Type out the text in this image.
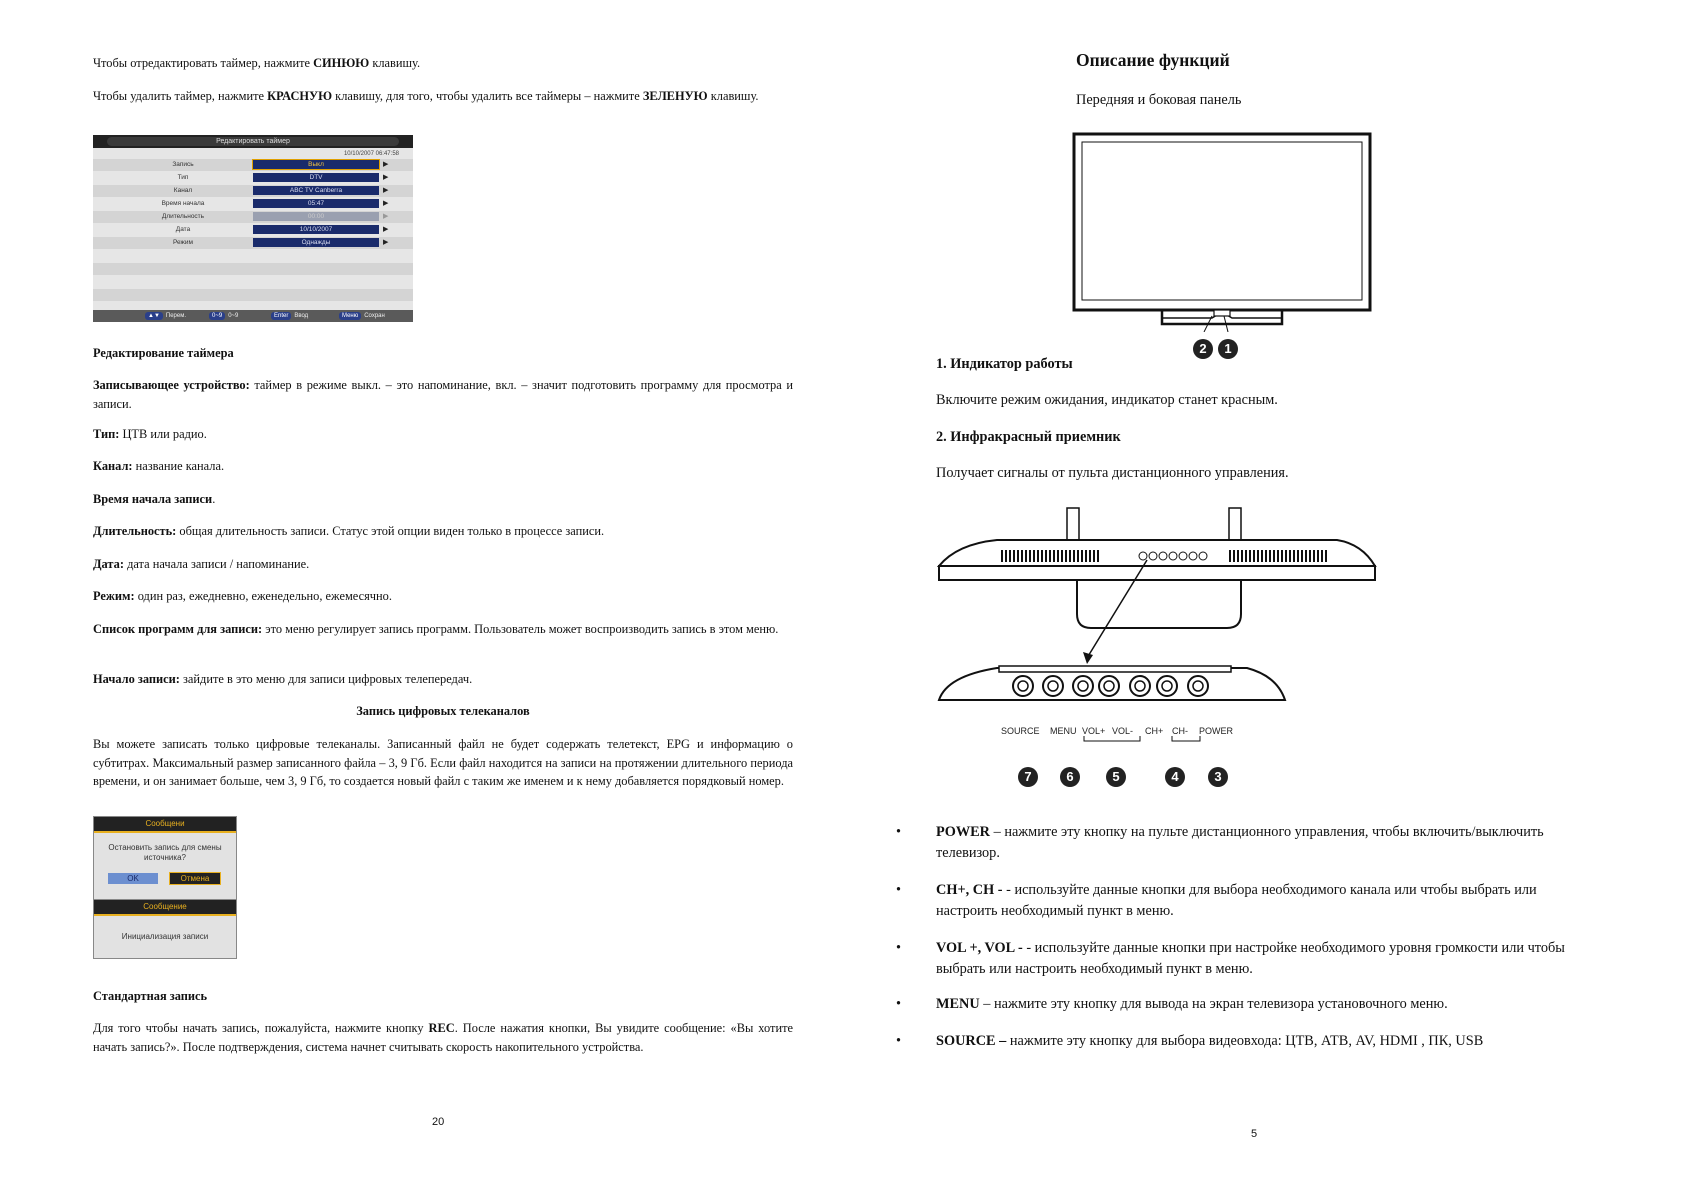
Чтобы отредактировать таймер, нажмите СИНЮЮ клавишу.
Чтобы удалить таймер, нажмите КРАСНУЮ клавишу, для того, чтобы удалить все таймеры – нажмите ЗЕЛЕНУЮ клавишу.
Редактировать таймер
10/10/2007 06:47:58
Запись	Выкл	▶
Тип	DTV	▶
Канал	ABC TV Canberra	▶
Время начала	05:47	▶
Длительность	00:00	▶
Дата	10/10/2007	▶
Режим	Однажды	▶
▲▼ Перем.	0~9 0~9	Enter Ввод	Меню Сохран
Редактирование таймера
Записывающее устройство: таймер в режиме выкл. – это напоминание, вкл. – значит подготовить программу для просмотра и записи.
Тип: ЦТВ или радио.
Канал: название канала.
Время начала записи.
Длительность: общая длительность записи. Статус этой опции виден только в процессе записи.
Дата: дата начала записи / напоминание.
Режим: один раз, ежедневно, еженедельно, ежемесячно.
Список программ для записи: это меню регулирует запись программ. Пользователь может воспроизводить запись в этом меню.
Начало записи: зайдите в это меню для записи цифровых телепередач.
Запись цифровых телеканалов
Вы можете записать только цифровые телеканалы. Записанный файл не будет содержать телетекст, EPG и информацию о субтитрах. Максимальный размер записанного файла – 3, 9 Гб. Если файл находится на записи на протяжении длительного периода времени, и он занимает больше, чем 3, 9 Гб, то создается новый файл с таким же именем и к нему добавляется порядковый номер.
Сообщени
Остановить запись для смены источника?
OK	Отмена
Сообщение
Инициализация записи
Стандартная запись
Для того чтобы начать запись, пожалуйста, нажмите кнопку REC. После нажатия кнопки, Вы увидите сообщение: «Вы хотите начать запись?». После подтверждения, система начнет считывать скорость накопительного устройства.
20
Описание функций
Передняя и боковая панель
2	1
1. Индикатор работы
Включите режим ожидания, индикатор станет красным.
2. Инфракрасный приемник
Получает сигналы от пульта дистанционного управления.
SOURCE MENU VOL+ VOL- CH+ CH- POWER
7	6	5	4	3
• POWER – нажмите эту кнопку на пульте дистанционного управления, чтобы включить/выключить телевизор.
• CH+, CH - - используйте данные кнопки для выбора необходимого канала или чтобы выбрать или настроить необходимый пункт в меню.
• VOL +, VOL - - используйте данные кнопки при настройке необходимого уровня громкости или чтобы выбрать или настроить необходимый пункт в меню.
• MENU – нажмите эту кнопку для вывода на экран телевизора установочного меню.
• SOURCE – нажмите эту кнопку для выбора видеовхода: ЦТВ, АТВ, AV, HDMI , ПК, USB
5
